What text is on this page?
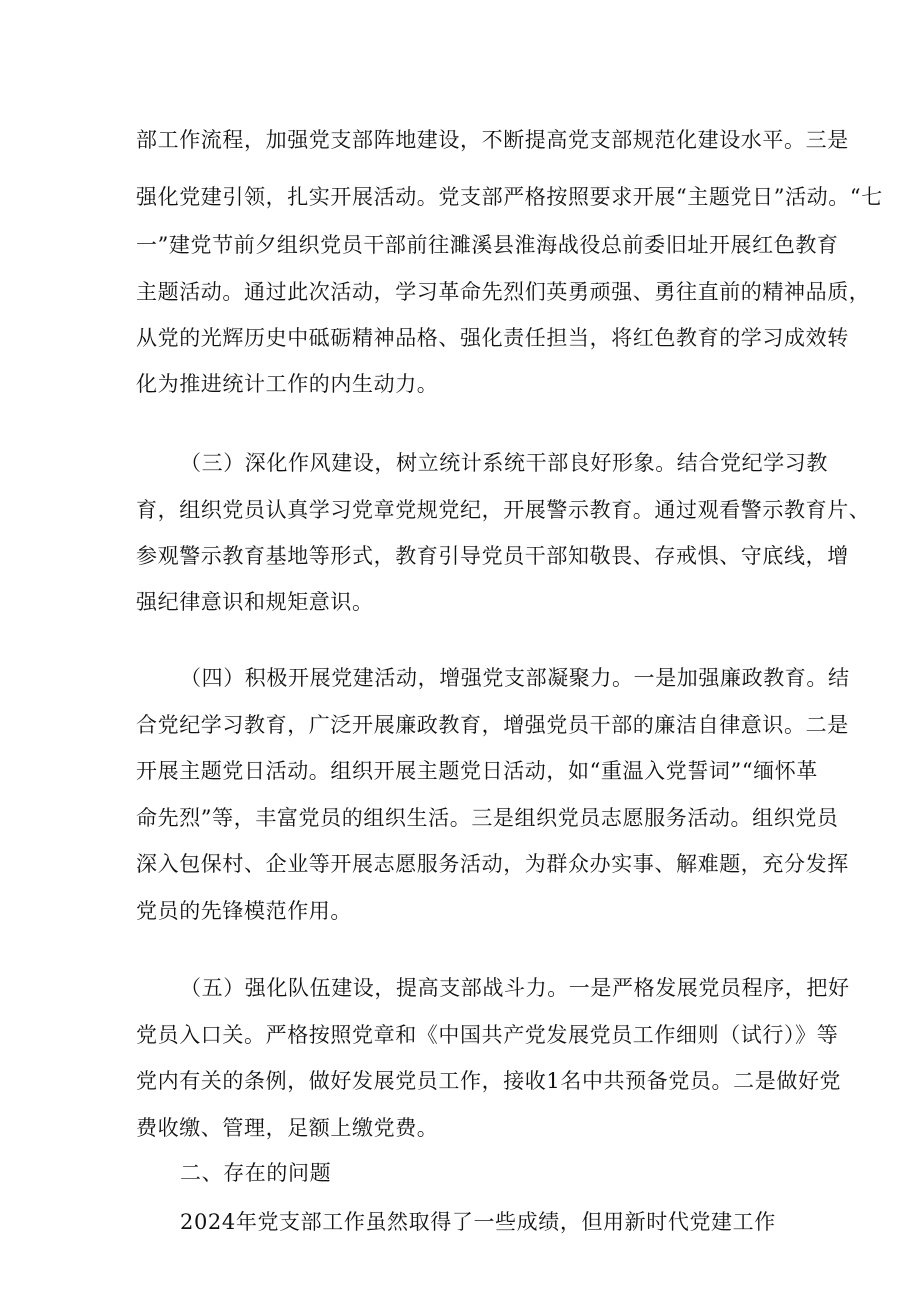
部工作流程，加强党支部阵地建设，不断提高党支部规范化建设水平。三是
强化党建引领，扎实开展活动。党支部严格按照要求开展“主题党日”活动。“七
一”建党节前夕组织党员干部前往濉溪县淮海战役总前委旧址开展红色教育
主题活动。通过此次活动，学习革命先烈们英勇顽强、勇往直前的精神品质，
从党的光辉历史中砥砺精神品格、强化责任担当，将红色教育的学习成效转
化为推进统计工作的内生动力。
（三）深化作风建设，树立统计系统干部良好形象。结合党纪学习教
育，组织党员认真学习党章党规党纪，开展警示教育。通过观看警示教育片、
参观警示教育基地等形式，教育引导党员干部知敬畏、存戒惧、守底线，增
强纪律意识和规矩意识。
（四）积极开展党建活动，增强党支部凝聚力。一是加强廉政教育。结
合党纪学习教育，广泛开展廉政教育，增强党员干部的廉洁自律意识。二是
开展主题党日活动。组织开展主题党日活动，如“重温入党誓词”“缅怀革
命先烈”等，丰富党员的组织生活。三是组织党员志愿服务活动。组织党员
深入包保村、企业等开展志愿服务活动，为群众办实事、解难题，充分发挥
党员的先锋模范作用。
（五）强化队伍建设，提高支部战斗力。一是严格发展党员程序，把好
党员入口关。严格按照党章和《中国共产党发展党员工作细则（试行）》等
党内有关的条例，做好发展党员工作，接收1名中共预备党员。二是做好党
费收缴、管理，足额上缴党费。
二、存在的问题
2024年党支部工作虽然取得了一些成绩，但用新时代党建工作
